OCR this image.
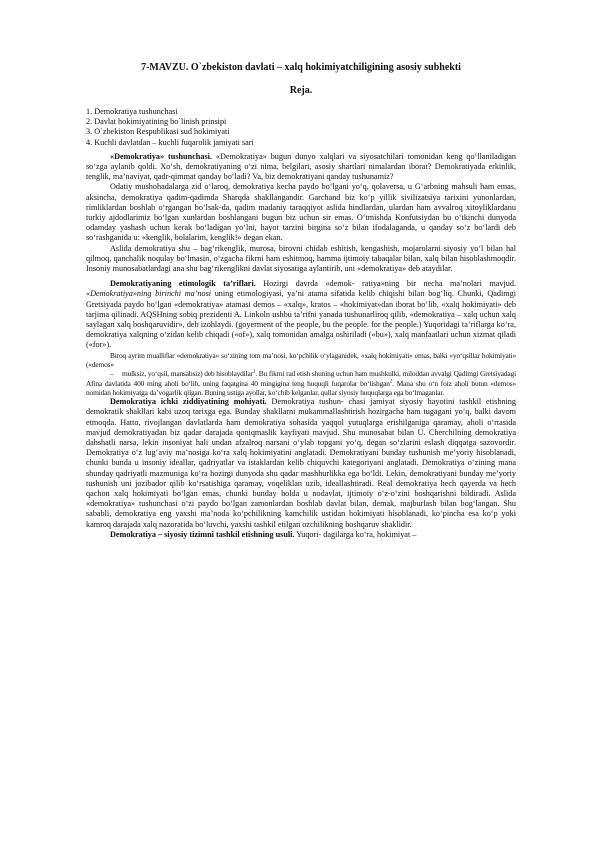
7-MAVZU. O`zbekiston davlati – xalq hokimiyatchiligining asosiy subhekti
Reja.
1. Demokratiya tushunchasi
2. Davlat hokimiyatining bo`linish prinsipi
3. O`zbekiston Respublikasi sud hokimiyati
4. Kuchli davlatdan – kuchli fuqarolik jamiyati sari

«Demokratiya» tushunchasi. «Demokratiya» bugun dunyo xalqlari va siyosatchilari tomonidan keng qo‘llaniladigan so‘zga aylanib qoldi. Xo‘sh, demokratiyaning o‘zi nima, belgilari, asosiy shartlari nimalardan iborat? Demokratiyada erkinlik, tenglik, ma’naviyat, qadr-qimmat qanday bo‘ladi? Va, biz demokratiyani qanday tushunamiz?

Odatiy mushohadalarga zid o‘laroq, demokratiya kecha paydo bo‘lgani yo‘q, qolaversa, u G‘arbning mahsuli ham emas, aksincha, demokratiya qadim-qadimda Sharqda shakllangandir. Garchand biz ko‘p yillik sivilizatsiya tarixini yunonlardan, rimliklardan boshlab o‘rgangan bo‘lsak-da, qadim madaniy taraqqiyot aslida hindlardan, ulardan ham avvalroq xitoyliklardanu turkiy ajdodlarimiz bo‘lgan xunlardan boshlangani bugun biz uchun sir emas. O‘tmishda Konfutsiydan bu o‘tkinchi dunyoda odamday yashash uchun kerak bo‘ladigan yo‘lni, hayot tarzini birgina so‘z bilan ifodalaganda, u qanday so‘z bo‘lardi deb so‘rashganida u: «kenglik, bolalarim, kenglik!» degan ekan.

Aslida demokratiya shu – bag‘rikenglik, murosa, birovni chidab eshitish, kengashish, mojarolarni siyosiy yo‘l bilan hal qilmoq, qanchalik noqulay bo‘lmasin, o‘zgacha fikrni ham eshitmoq, hamma ijtimoiy tabaqalar bilan, xalq bilan hisoblashmoqdir. Insoniy munosabatlardagi ana shu bag‘rikenglikni davlat siyosatiga aylantirib, uni «demokratiya» deb ataydilar.

Demokratiyaning etimologik ta’riflari. Hozirgi davrda «demok- ratiya»ning bir necha ma’nolari mavjud. «Demokratiya»ning birinchi ma’nosi uning etimologiyasi, ya’ni atama sifatida kelib chiqishi bilan bog‘liq. Chunki, Qadimgi Gretsiyada paydo bo‘lgan «demokratiya» atamasi demos – «xalq», kratos – «hokimiyat»dan iborat bo‘lib, «xalq hokimiyati» deb tarjima qilinadi. AQSHning sobiq prezidenti A. Linkoln ushbu ta’rifni yanada tushunarliroq qilib, «demokratiya – xalq uchun xalq saylagan xalq boshqaruvidir», deb izohlaydi. (goyerment of the people, bu the people. for the people.) Yuqoridagi ta’riflarga ko‘ra, demokratiya xalqning o‘zidan kelib chiqadi («of»), xalq tomonidan amalga oshiriladi («bu»), xalq manfaatlari uchun xizmat qiladi («for»).

Biroq ayrim mualliflar «demokratiya» so‘zining tom ma’nosi, ko‘pchilik o‘ylaganidek, «xalq hokimiyati» emas, balki «yo‘qsillar hokimiyati» («demos»
– mulksiz, yo‘qsil, mansabsiz) deb hisoblaydilar$^1$. Bu fikrni rad etish shuning uchun ham mushkulki, miloddan avvalgi Qadimgi Gretsiyadagi Afina davlatida 400 ming aholi bo‘lib, uning faqatgina 40 mingigina teng huquqli fuqarolar bo‘lishgan$^2$. Mana shu o‘n foiz aholi butun «demos» nomidan hokimiyatga da’vogarlik qilgan. Buning ustiga ayollar, ko‘chib kelganlar, qullar siyosiy huquqlarga ega bo‘lmaganlar.

Demokratiya ichki ziddiyatining mohiyati. Demokratiya tushun- chasi jamiyat siyosiy hayotini tashkil etishning demokratik shakllari kabi uzoq tarixga ega. Bunday shakllarni mukammallashtirish hozirgacha ham tugagani yo‘q, balki davom etmoqda. Hatto, rivojlangan davlatlarda ham demokratiya sohasida yaqqol yutuqlarga erishilganiga qaramay, aholi o‘rtasida mavjud demokratiyadan biz qadar darajada qoniqmaslik kayfiyati mavjud. Shu munosabat bilan U. Cherchilning demokratiya dahshatli narsa, lekin insoniyat hali undan afzalroq narsani o‘ylab topgani yo‘q, degan so‘zlarini eslash diqqatga sazovordir. Demokratiya o‘z lug‘aviy ma’nosiga ko‘ra xalq hokimiyatini anglatadi. Demokratiyani bunday tushunish me’yoriy hisoblanadi, chunki bunda u insoniy ideallar, qadriyatlar va istaklardan kelib chiquvchi kategoriyani anglatadi. Demokratiya o‘zining mana shunday qadriyatli mazmuniga ko‘ra hozirgi dunyoda shu qadar mashhurlikka ega bo‘ldi. Lekin, demokratiyani bunday me’yoriy tushunish uni jozibador qilib ko‘rsatishiga qaramay, voqeliklan uzib, ideallashtiradi. Real demokratiya hech qayerda va hech qachon xalq hokimiyati bo‘lgan emas, chunki bunday holda u nodavlat, ijtimoiy o‘z-o‘zini boshqarishni bildiradi. Aslida «demokratiya» tushunchasi o‘zi paydo bo‘lgan zamonlardan boshlab davlat bilan, demak, majburlash bilan bog‘langan. Shu sababli, demokratiya eng yaxshi ma’noda ko‘pchilikning kamchilik ustidan hokimiyati hisoblanadi, ko‘pincha esa ko‘p yoki kamroq darajada xalq nazoratida bo‘luvchi, yaxshi tashkil etilgan ozchilikning boshqaruv shaklidir.

Demokratiya – siyosiy tizimni tashkil etishning usuli. Yuqori- dagilarga ko‘ra, hokimiyat –
